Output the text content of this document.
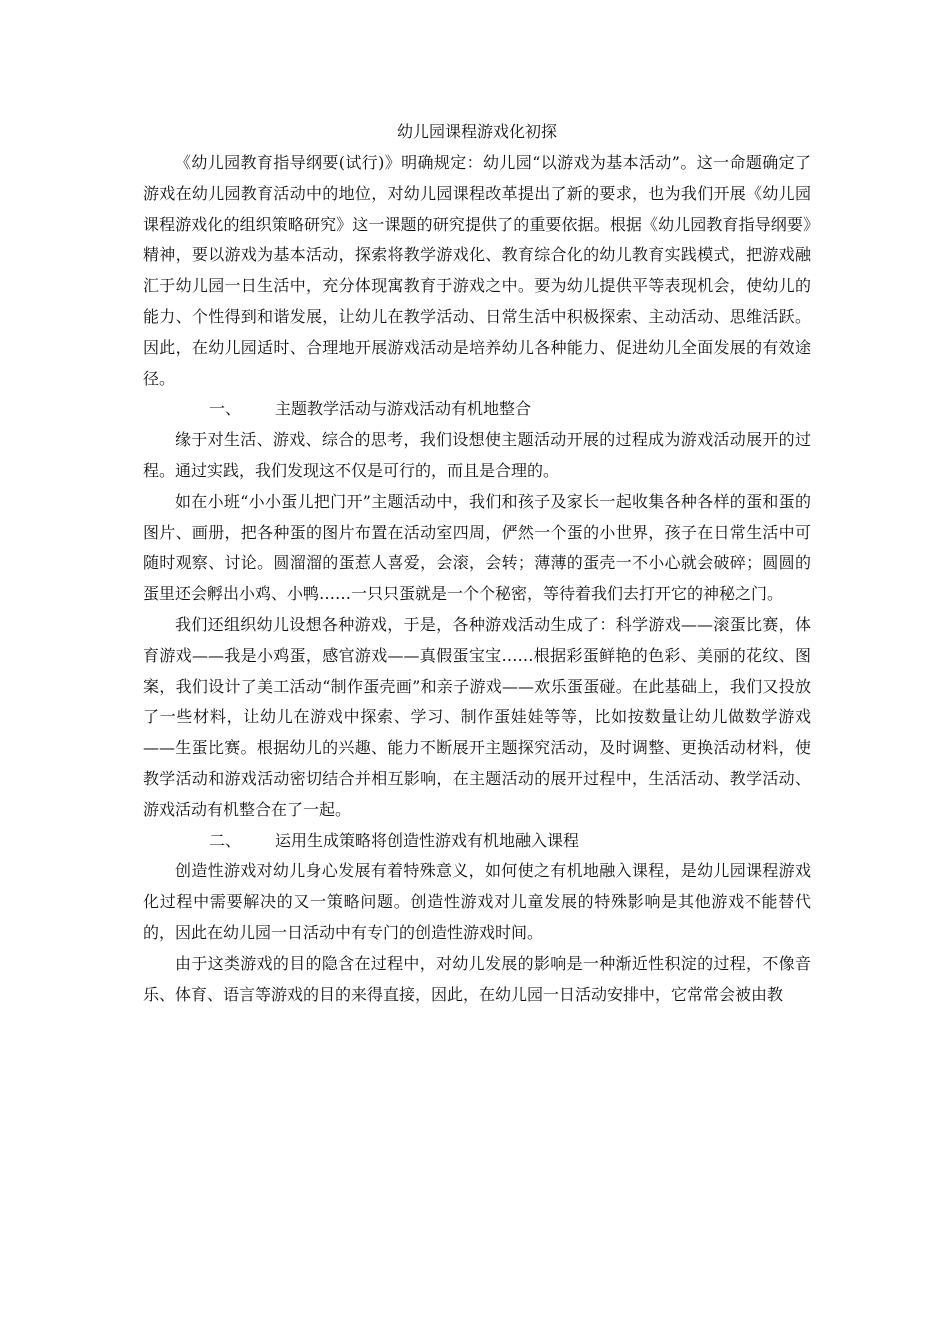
幼儿园课程游戏化初探

《幼儿园教育指导纲要(试行)》明确规定：幼儿园“以游戏为基本活动”。这一命题确定了游戏在幼儿园教育活动中的地位，对幼儿园课程改革提出了新的要求，也为我们开展《幼儿园课程游戏化的组织策略研究》这一课题的研究提供了的重要依据。根据《幼儿园教育指导纲要》精神，要以游戏为基本活动，探索将教学游戏化、教育综合化的幼儿教育实践模式，把游戏融汇于幼儿园一日生活中，充分体现寓教育于游戏之中。要为幼儿提供平等表现机会，使幼儿的能力、个性得到和谐发展，让幼儿在教学活动、日常生活中积极探索、主动活动、思维活跃。因此，在幼儿园适时、合理地开展游戏活动是培养幼儿各种能力、促进幼儿全面发展的有效途径。

一、 主题教学活动与游戏活动有机地整合

缘于对生活、游戏、综合的思考，我们设想使主题活动开展的过程成为游戏活动展开的过程。通过实践，我们发现这不仅是可行的，而且是合理的。

如在小班“小小蛋儿把门开”主题活动中，我们和孩子及家长一起收集各种各样的蛋和蛋的图片、画册，把各种蛋的图片布置在活动室四周，俨然一个蛋的小世界，孩子在日常生活中可随时观察、讨论。圆溜溜的蛋惹人喜爱，会滚，会转；薄薄的蛋壳一不小心就会破碎；圆圆的蛋里还会孵出小鸡、小鸭……一只只蛋就是一个个秘密，等待着我们去打开它的神秘之门。

我们还组织幼儿设想各种游戏，于是，各种游戏活动生成了：科学游戏——滚蛋比赛，体育游戏——我是小鸡蛋，感官游戏——真假蛋宝宝……根据彩蛋鲜艳的色彩、美丽的花纹、图案，我们设计了美工活动“制作蛋壳画”和亲子游戏——欢乐蛋蛋碰。在此基础上，我们又投放了一些材料，让幼儿在游戏中探索、学习、制作蛋娃娃等等，比如按数量让幼儿做数学游戏——生蛋比赛。根据幼儿的兴趣、能力不断展开主题探究活动，及时调整、更换活动材料，使教学活动和游戏活动密切结合并相互影响，在主题活动的展开过程中，生活活动、教学活动、游戏活动有机整合在了一起。

二、 运用生成策略将创造性游戏有机地融入课程

创造性游戏对幼儿身心发展有着特殊意义，如何使之有机地融入课程，是幼儿园课程游戏化过程中需要解决的又一策略问题。创造性游戏对儿童发展的特殊影响是其他游戏不能替代的，因此在幼儿园一日活动中有专门的创造性游戏时间。

由于这类游戏的目的隐含在过程中，对幼儿发展的影响是一种渐近性积淀的过程，不像音乐、体育、语言等游戏的目的来得直接，因此，在幼儿园一日活动安排中，它常常会被由教
